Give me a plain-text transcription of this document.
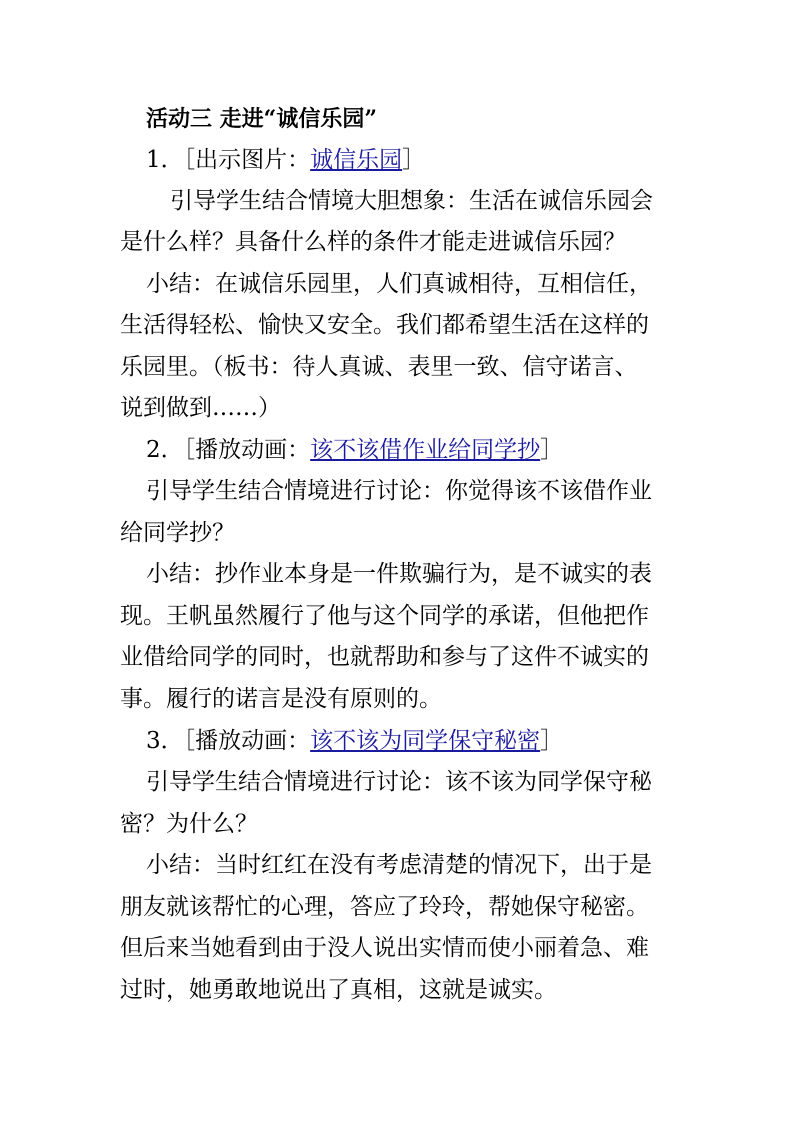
活动三 走进“诚信乐园”
1．［出示图片：诚信乐园］
引导学生结合情境大胆想象：生活在诚信乐园会
是什么样？具备什么样的条件才能走进诚信乐园？
小结：在诚信乐园里，人们真诚相待，互相信任，
生活得轻松、愉快又安全。我们都希望生活在这样的
乐园里。（板书：待人真诚、表里一致、信守诺言、
说到做到……）
2．［播放动画：该不该借作业给同学抄］
引导学生结合情境进行讨论：你觉得该不该借作业
给同学抄？
小结：抄作业本身是一件欺骗行为，是不诚实的表
现。王帆虽然履行了他与这个同学的承诺，但他把作
业借给同学的同时，也就帮助和参与了这件不诚实的
事。履行的诺言是没有原则的。
3．［播放动画：该不该为同学保守秘密］
引导学生结合情境进行讨论：该不该为同学保守秘
密？为什么？
小结：当时红红在没有考虑清楚的情况下，出于是
朋友就该帮忙的心理，答应了玲玲，帮她保守秘密。
但后来当她看到由于没人说出实情而使小丽着急、难
过时，她勇敢地说出了真相，这就是诚实。
